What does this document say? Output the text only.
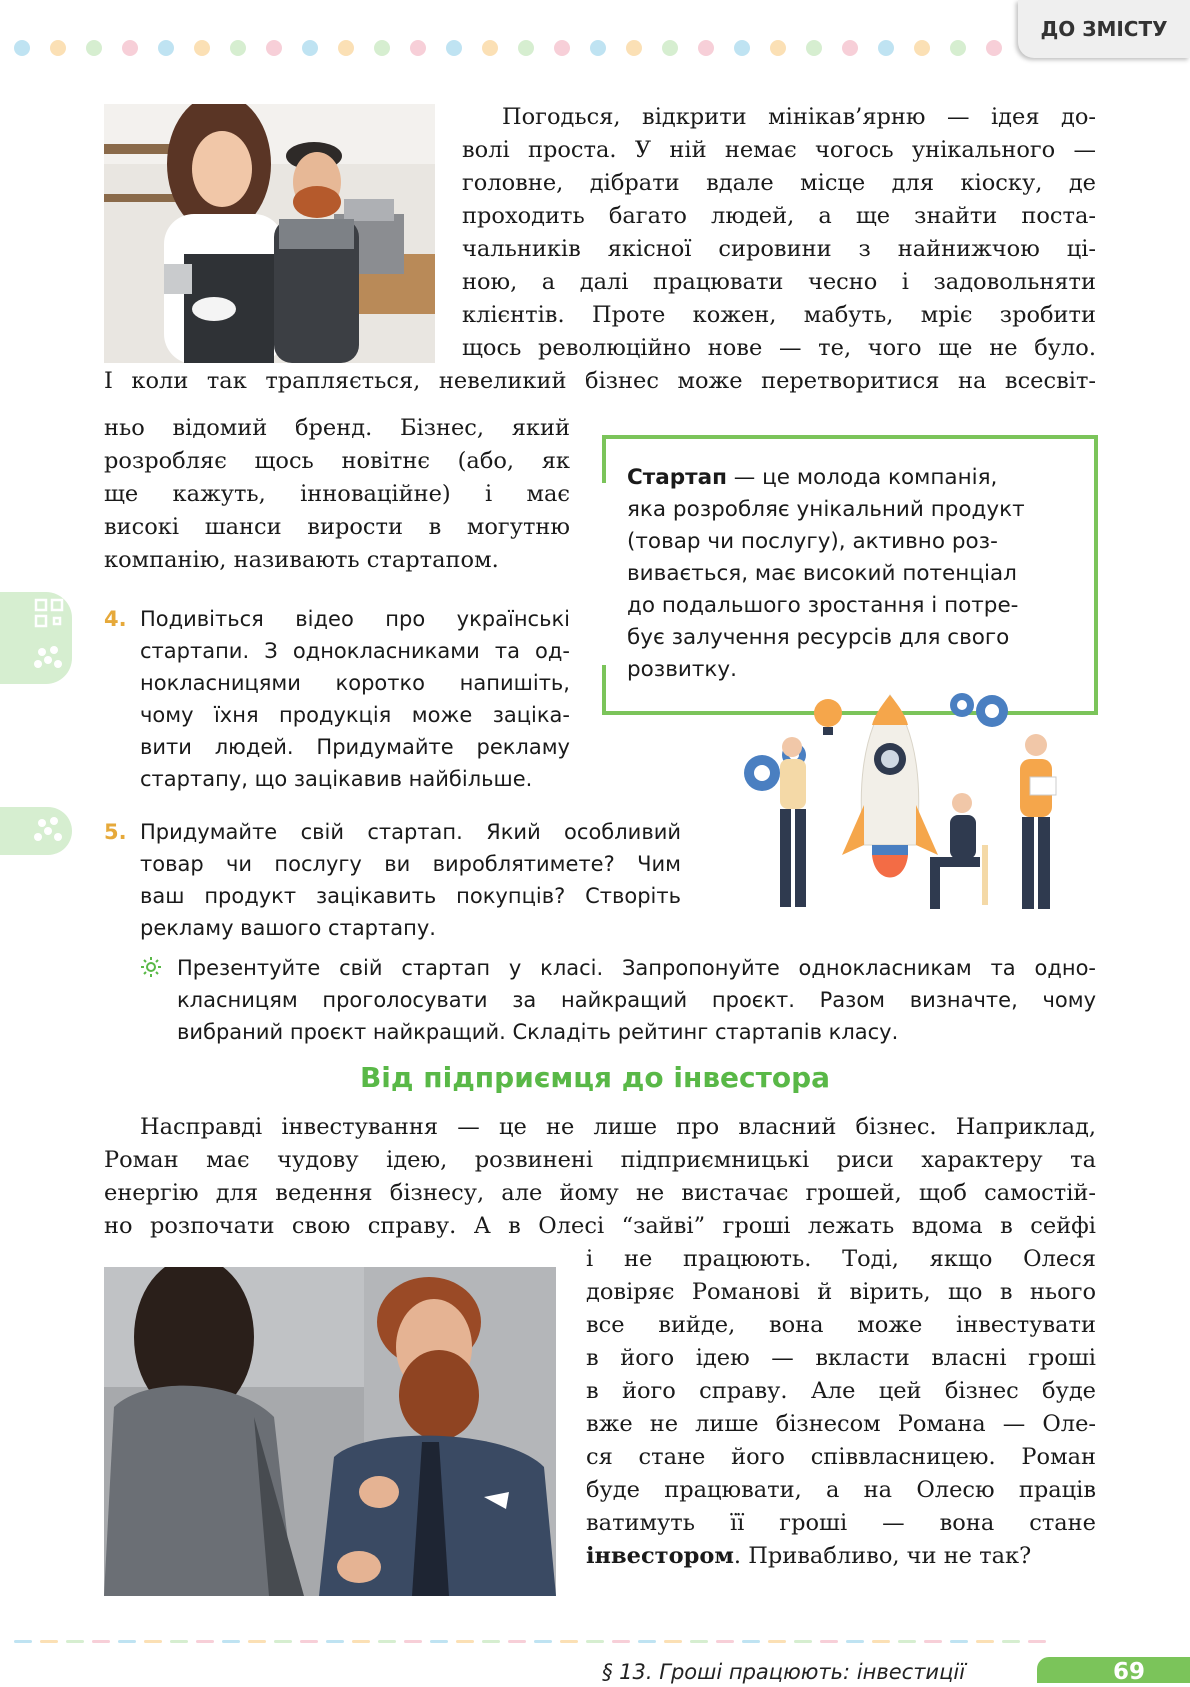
ДО ЗМІСТУ
Погодься, відкрити мінікав’ярню — ідея до-
волі проста. У ній немає чогось унікального —
головне, дібрати вдале місце для кіоску, де
проходить багато людей, а ще знайти поста-
чальників якісної сировини з найнижчою ці-
ною, а далі працювати чесно і задовольняти
клієнтів. Проте кожен, мабуть, мріє зробити
щось революційно нове — те, чого ще не було.
І коли так трапляється, невеликий бізнес може перетворитися на всесвіт-
ньо відомий бренд. Бізнес, який
розробляє щось новітнє (або, як
ще кажуть, інноваційне) і має
високі шанси вирости в могутню
компанію, називають стартапом.
Стартап — це молода компанія,
яка розробляє унікальний продукт
(товар чи послугу), активно роз-
вивається, має високий потенціал
до подальшого зростання і потре-
бує залучення ресурсів для свого
розвитку.
4. Подивіться відео про українські
стартапи. З однокласниками та од-
нокласницями коротко напишіть,
чому їхня продукція може заціка-
вити людей. Придумайте рекламу
стартапу, що зацікавив найбільше.
5. Придумайте свій стартап. Який особливий
товар чи послугу ви вироблятимете? Чим
ваш продукт зацікавить покупців? Створіть
рекламу вашого стартапу.
Презентуйте свій стартап у класі. Запропонуйте однокласникам та одно-
класницям проголосувати за найкращий проєкт. Разом визначте, чому
вибраний проєкт найкращий. Складіть рейтинг стартапів класу.
Від підприємця до інвестора
Насправді інвестування — це не лише про власний бізнес. Наприклад,
Роман має чудову ідею, розвинені підприємницькі риси характеру та
енергію для ведення бізнесу, але йому не вистачає грошей, щоб самостій-
но розпочати свою справу. А в Олесі “зайві” гроші лежать вдома в сейфі
і не працюють. Тоді, якщо Олеся
довіряє Романові й вірить, що в нього
все вийде, вона може інвестувати
в його ідею — вкласти власні гроші
в його справу. Але цей бізнес буде
вже не лише бізнесом Романа — Оле-
ся стане його співвласницею. Роман
буде працювати, а на Олесю праців
ватимуть її гроші — вона стане
інвестором. Привабливо, чи не так?
§ 13. Гроші працюють: інвестиції	69
